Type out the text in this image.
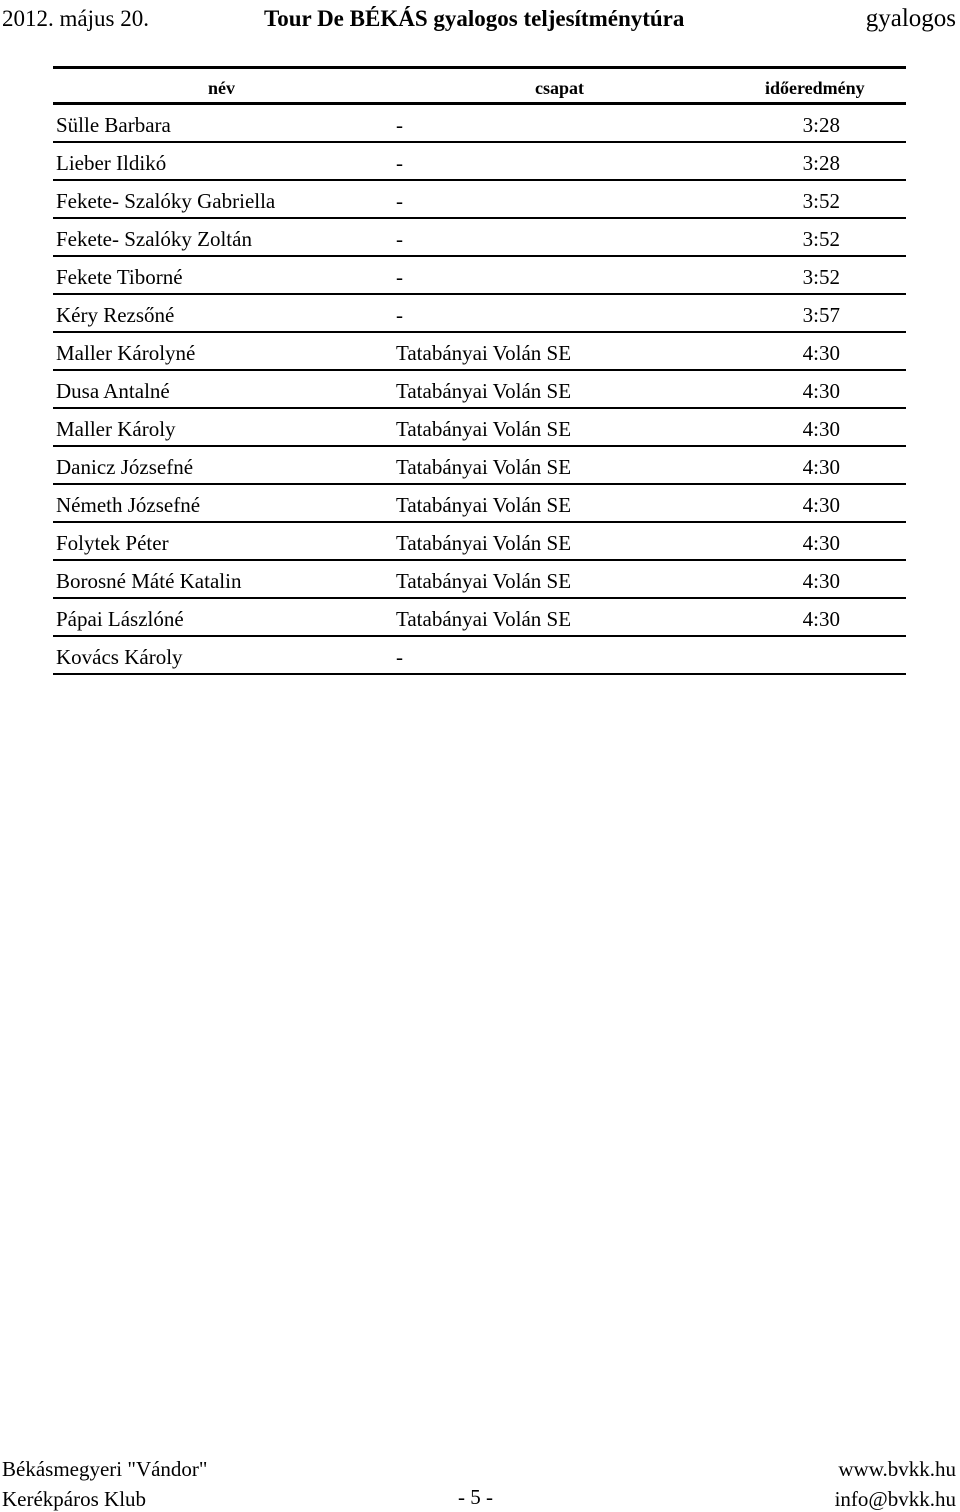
2012. május 20.	Tour De BÉKÁS gyalogos teljesítménytúra	gyalogos
név	csapat	időeredmény
Sülle Barbara	-	3:28
Lieber Ildikó	-	3:28
Fekete- Szalóky Gabriella	-	3:52
Fekete- Szalóky Zoltán	-	3:52
Fekete Tiborné	-	3:52
Kéry Rezsőné	-	3:57
Maller Károlyné	Tatabányai Volán SE	4:30
Dusa Antalné	Tatabányai Volán SE	4:30
Maller Károly	Tatabányai Volán SE	4:30
Danicz Józsefné	Tatabányai Volán SE	4:30
Németh Józsefné	Tatabányai Volán SE	4:30
Folytek Péter	Tatabányai Volán SE	4:30
Borosné Máté Katalin	Tatabányai Volán SE	4:30
Pápai Lászlóné	Tatabányai Volán SE	4:30
Kovács Károly	-
Békásmegyeri "Vándor"
Kerékpáros Klub	- 5 -
www.bvkk.hu
info@bvkk.hu
